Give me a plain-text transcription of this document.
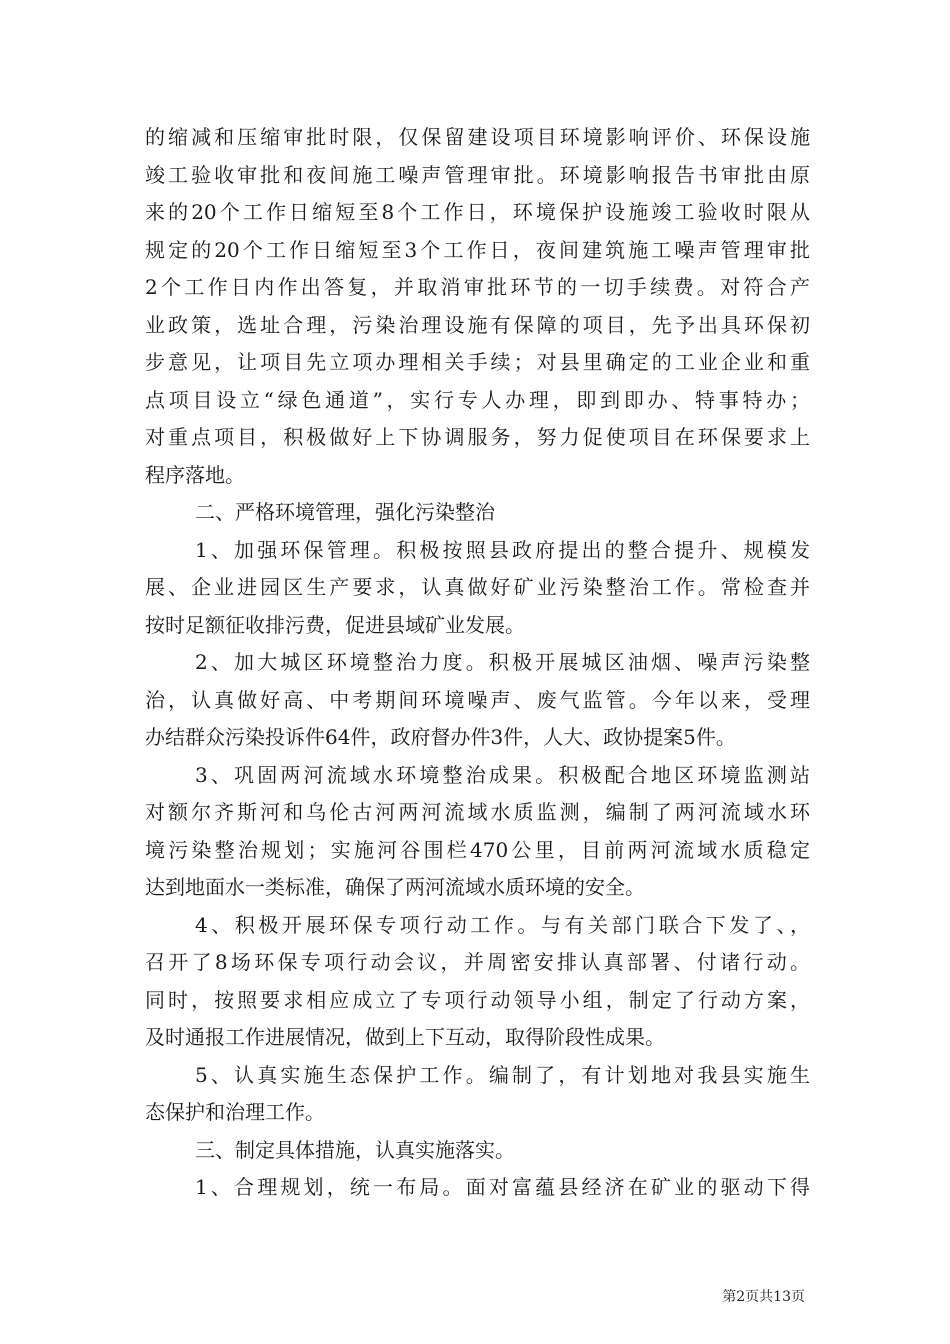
的缩减和压缩审批时限，仅保留建设项目环境影响评价、环保设施
竣工验收审批和夜间施工噪声管理审批。环境影响报告书审批由原
来的20个工作日缩短至8个工作日，环境保护设施竣工验收时限从
规定的20个工作日缩短至3个工作日，夜间建筑施工噪声管理审批
2个工作日内作出答复，并取消审批环节的一切手续费。对符合产
业政策，选址合理，污染治理设施有保障的项目，先予出具环保初
步意见，让项目先立项办理相关手续；对县里确定的工业企业和重
点项目设立“绿色通道”，实行专人办理，即到即办、特事特办；
对重点项目，积极做好上下协调服务，努力促使项目在环保要求上
程序落地。
二、严格环境管理，强化污染整治
1、加强环保管理。积极按照县政府提出的整合提升、规模发
展、企业进园区生产要求，认真做好矿业污染整治工作。常检查并
按时足额征收排污费，促进县域矿业发展。
2、加大城区环境整治力度。积极开展城区油烟、噪声污染整
治，认真做好高、中考期间环境噪声、废气监管。今年以来，受理
办结群众污染投诉件64件，政府督办件3件，人大、政协提案5件。
3、巩固两河流域水环境整治成果。积极配合地区环境监测站
对额尔齐斯河和乌伦古河两河流域水质监测，编制了两河流域水环
境污染整治规划；实施河谷围栏470公里，目前两河流域水质稳定
达到地面水一类标准，确保了两河流域水质环境的安全。
4、积极开展环保专项行动工作。与有关部门联合下发了、，
召开了8场环保专项行动会议，并周密安排认真部署、付诸行动。
同时，按照要求相应成立了专项行动领导小组，制定了行动方案，
及时通报工作进展情况，做到上下互动，取得阶段性成果。
5、认真实施生态保护工作。编制了，有计划地对我县实施生
态保护和治理工作。
三、制定具体措施，认真实施落实。
1、合理规划，统一布局。面对富蕴县经济在矿业的驱动下得
第2页共13页
